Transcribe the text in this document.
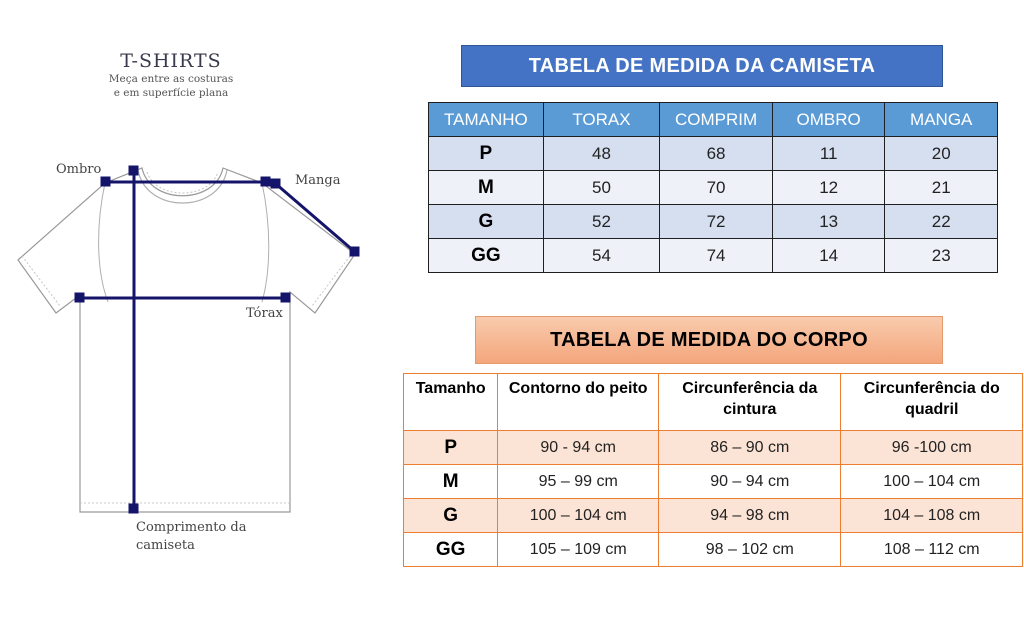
T-SHIRTS
Meça entre as costuras
e em superfície plana
Ombro
Manga
Tórax
Comprimento da
camiseta
TABELA DE MEDIDA DA CAMISETA
TAMANHO	TORAX	COMPRIM	OMBRO	MANGA
P	48	68	11	20
M	50	70	12	21
G	52	72	13	22
GG	54	74	14	23
TABELA DE MEDIDA DO CORPO
Tamanho	Contorno do peito	Circunferência da cintura	Circunferência do quadril
P	90 - 94 cm	86 – 90 cm	96 -100 cm
M	95 – 99 cm	90 – 94 cm	100 – 104 cm
G	100 – 104 cm	94 – 98 cm	104 – 108 cm
GG	105 – 109 cm	98 – 102 cm	108 – 112 cm
